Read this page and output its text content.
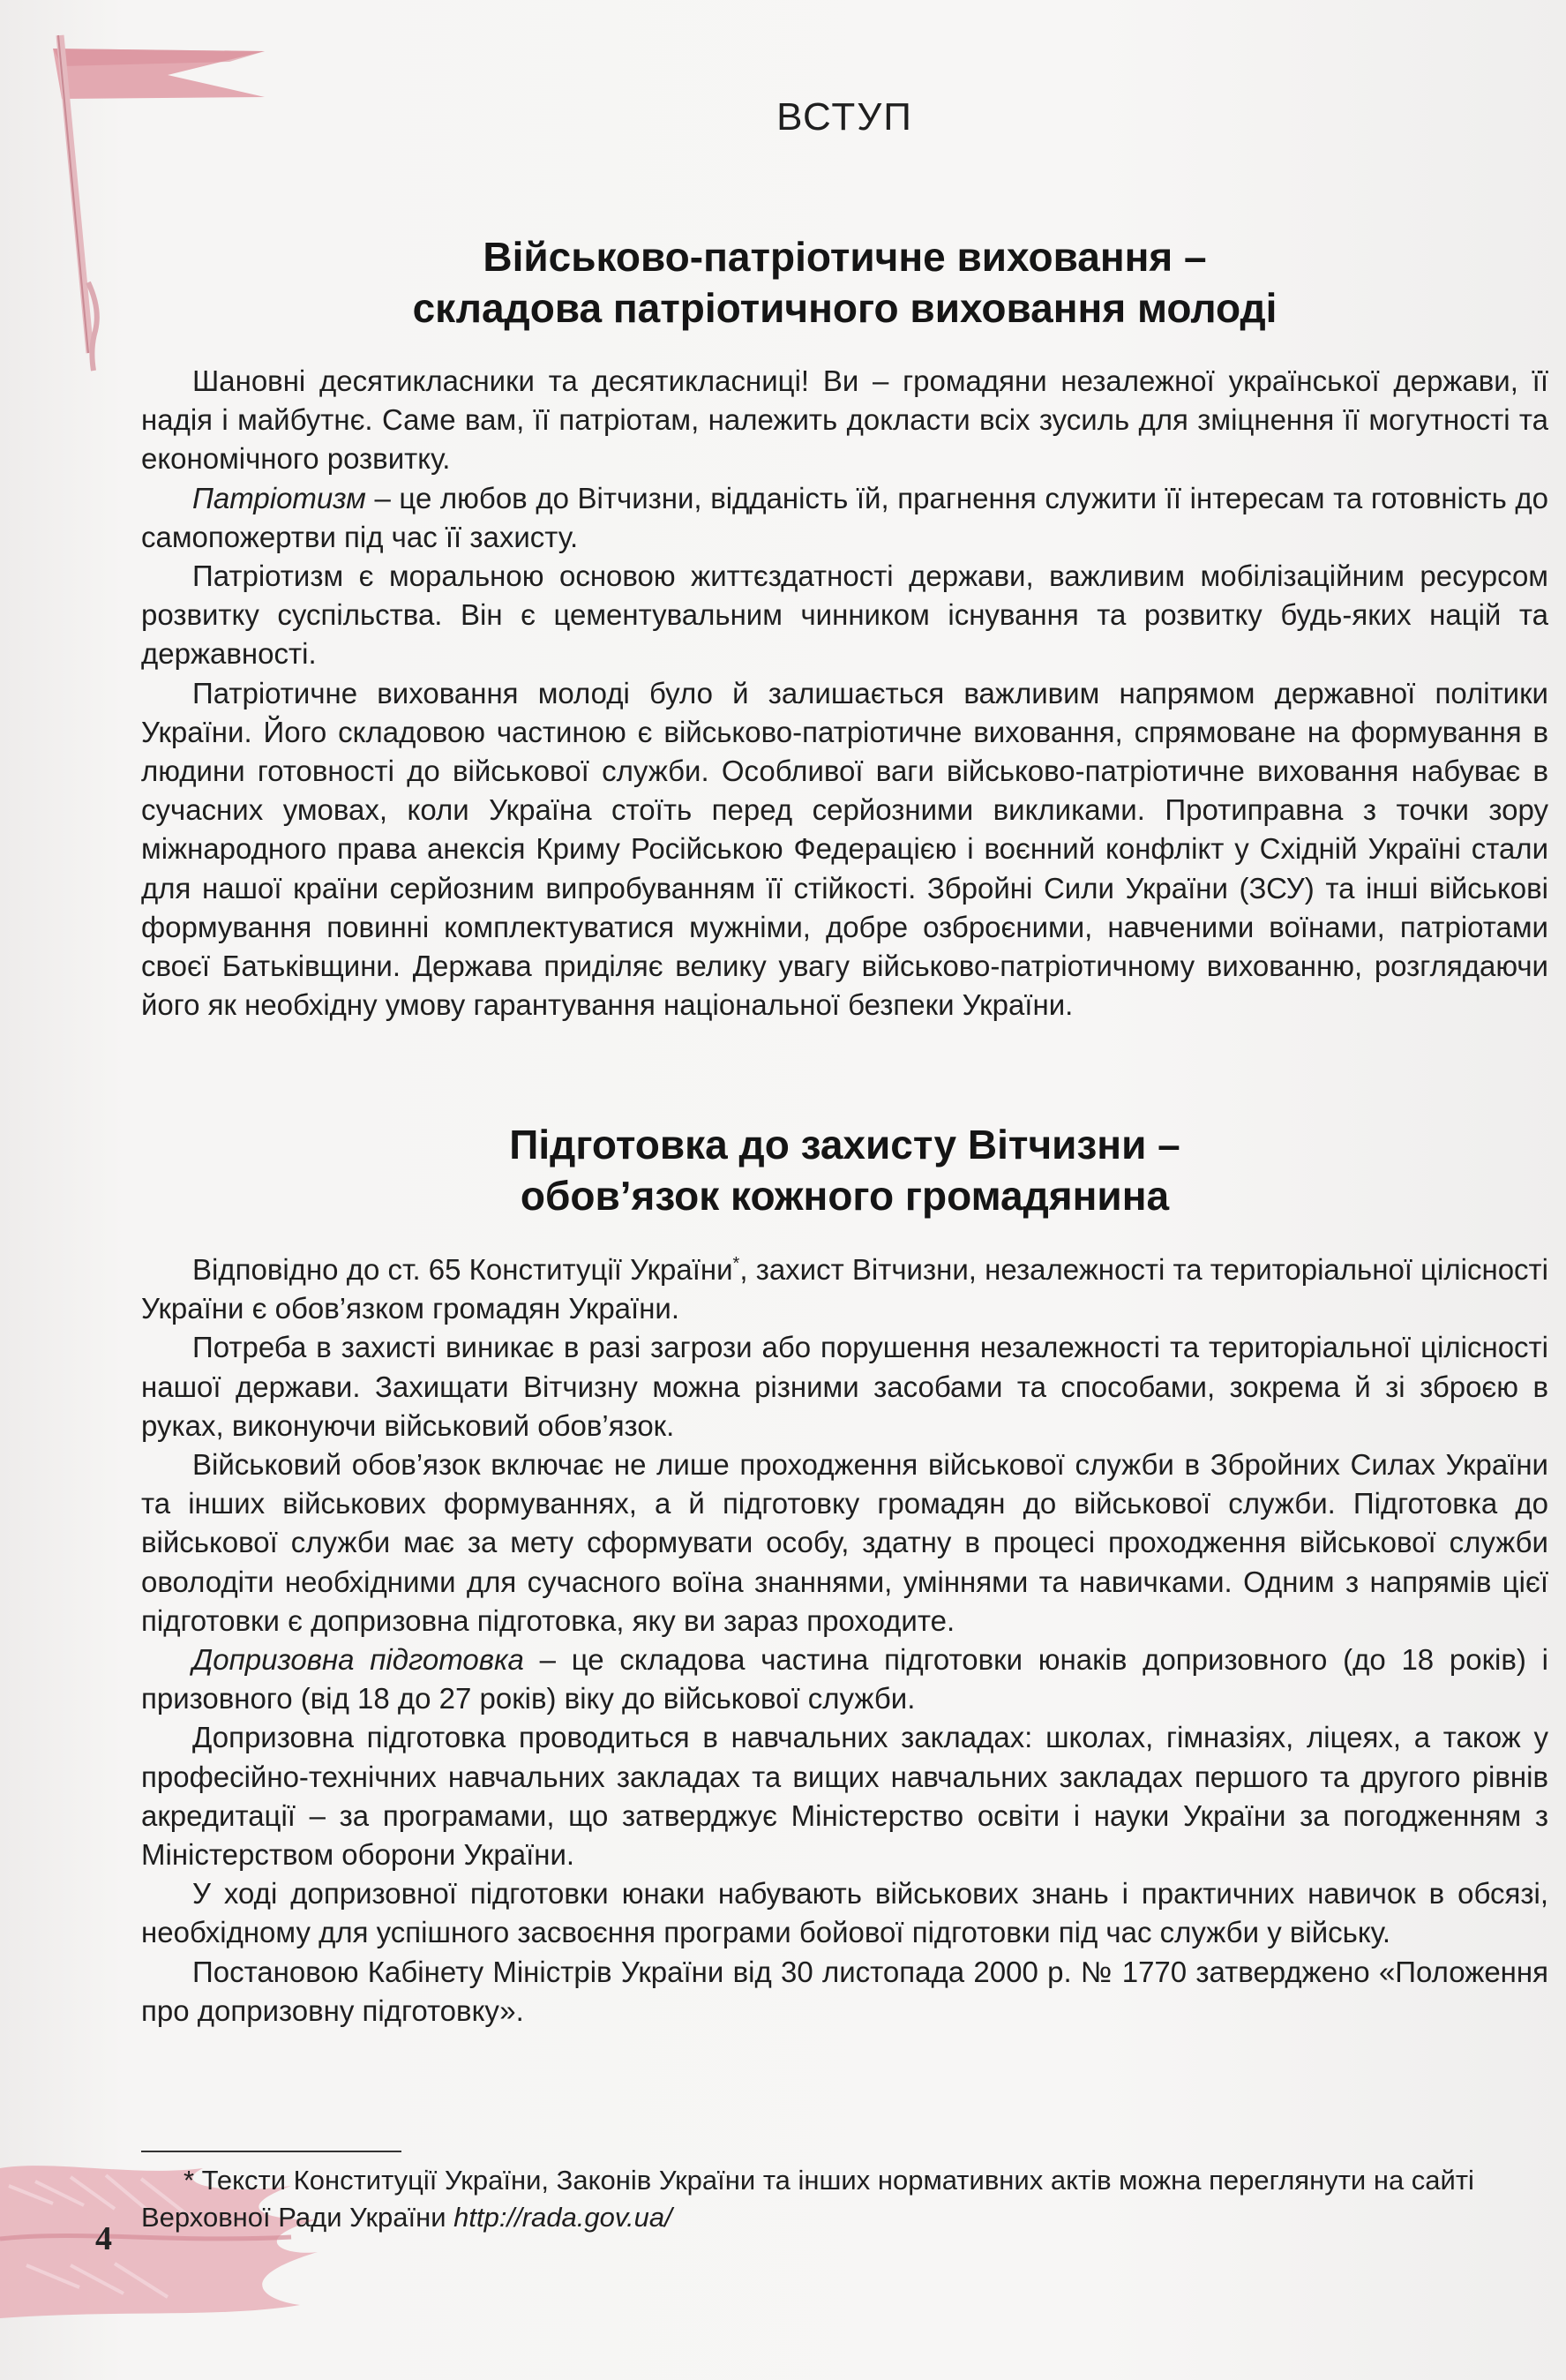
ВСТУП
Військово-патріотичне виховання –
складова патріотичного виховання молоді

Шановні десятикласники та десятикласниці! Ви – громадяни незалежної української держави, її надія і майбутнє. Саме вам, її патріотам, належить докласти всіх зусиль для зміцнення її могутності та економічного розвитку.

Патріотизм – це любов до Вітчизни, відданість їй, прагнення служити її інтересам та готовність до самопожертви під час її захисту.

Патріотизм є моральною основою життєздатності держави, важливим мобілізаційним ресурсом розвитку суспільства. Він є цементувальним чинником існування та розвитку будь-яких націй та державності.

Патріотичне виховання молоді було й залишається важливим напрямом державної політики України. Його складовою частиною є військово-патріотичне виховання, спрямоване на формування в людини готовності до військової служби. Особливої ваги військово-патріотичне виховання набуває в сучасних умовах, коли Україна стоїть перед серйозними викликами. Протиправна з точки зору міжнародного права анексія Криму Російською Федерацією і воєнний конфлікт у Східній Україні стали для нашої країни серйозним випробуванням її стійкості. Збройні Сили України (ЗСУ) та інші військові формування повинні комплектуватися мужніми, добре озброєними, навченими воїнами, патріотами своєї Батьківщини. Держава приділяє велику увагу військово-патріотичному вихованню, розглядаючи його як необхідну умову гарантування національної безпеки України.

Підготовка до захисту Вітчизни –
обов’язок кожного громадянина

Відповідно до ст. 65 Конституції України*, захист Вітчизни, незалежності та територіальної цілісності України є обов’язком громадян України.

Потреба в захисті виникає в разі загрози або порушення незалежності та територіальної цілісності нашої держави. Захищати Вітчизну можна різними засобами та способами, зокрема й зі зброєю в руках, виконуючи військовий обов’язок.

Військовий обов’язок включає не лише проходження військової служби в Збройних Силах України та інших військових формуваннях, а й підготовку громадян до військової служби. Підготовка до військової служби має за мету сформувати особу, здатну в процесі проходження військової служби оволодіти необхідними для сучасного воїна знаннями, уміннями та навичками. Одним з напрямів цієї підготовки є допризовна підготовка, яку ви зараз проходите.

Допризовна підготовка – це складова частина підготовки юнаків допризовного (до 18 років) і призовного (від 18 до 27 років) віку до військової служби.

Допризовна підготовка проводиться в навчальних закладах: школах, гімназіях, ліцеях, а також у професійно-технічних навчальних закладах та вищих навчальних закладах першого та другого рівнів акредитації – за програмами, що затверджує Міністерство освіти і науки України за погодженням з Міністерством оборони України.

У ході допризовної підготовки юнаки набувають військових знань і практичних навичок в обсязі, необхідному для успішного засвоєння програми бойової підготовки під час служби у війську.

Постановою Кабінету Міністрів України від 30 листопада 2000 р. № 1770 затверджено «Положення про допризовну підготовку».

* Тексти Конституції України, Законів України та інших нормативних актів можна переглянути на сайті Верховної Ради України http://rada.gov.ua/
4
